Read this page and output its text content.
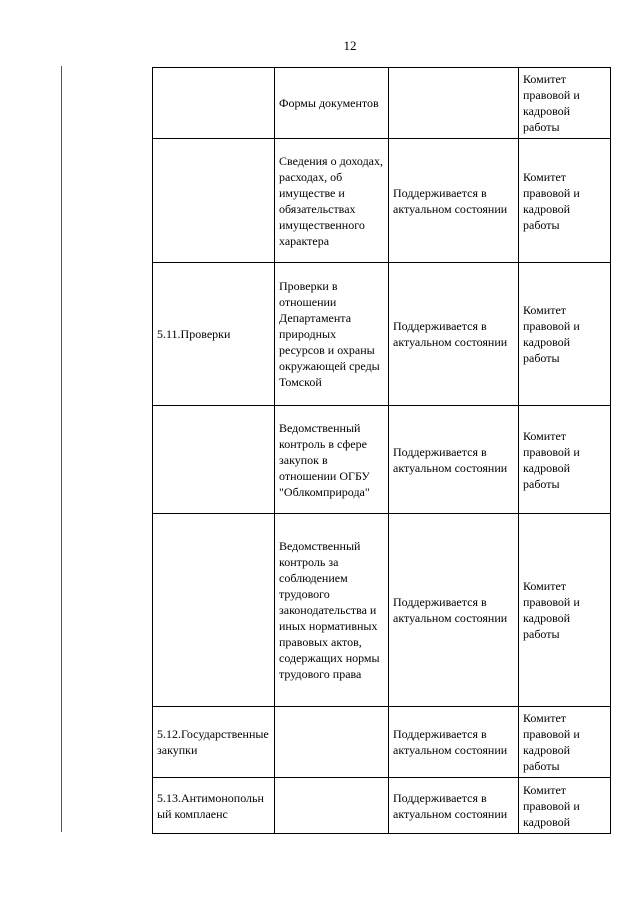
12
	Формы документов		Комитет правовой и кадровой работы
	Сведения о доходах, расходах, об имуществе и обязательствах имущественного характера	Поддерживается в актуальном состоянии	Комитет правовой и кадровой работы
5.11.Проверки	Проверки в отношении Департамента природных ресурсов и охраны окружающей среды Томской	Поддерживается в актуальном состоянии	Комитет правовой и кадровой работы
	Ведомственный контроль в сфере закупок в отношении ОГБУ "Облкомприрода"	Поддерживается в актуальном состоянии	Комитет правовой и кадровой работы
	Ведомственный контроль за соблюдением трудового законодательства и иных нормативных правовых актов, содержащих нормы трудового права	Поддерживается в актуальном состоянии	Комитет правовой и кадровой работы
5.12.Государственные закупки		Поддерживается в актуальном состоянии	Комитет правовой и кадровой работы
5.13.Антимонопольный комплаенс		Поддерживается в актуальном состоянии	Комитет правовой и кадровой
